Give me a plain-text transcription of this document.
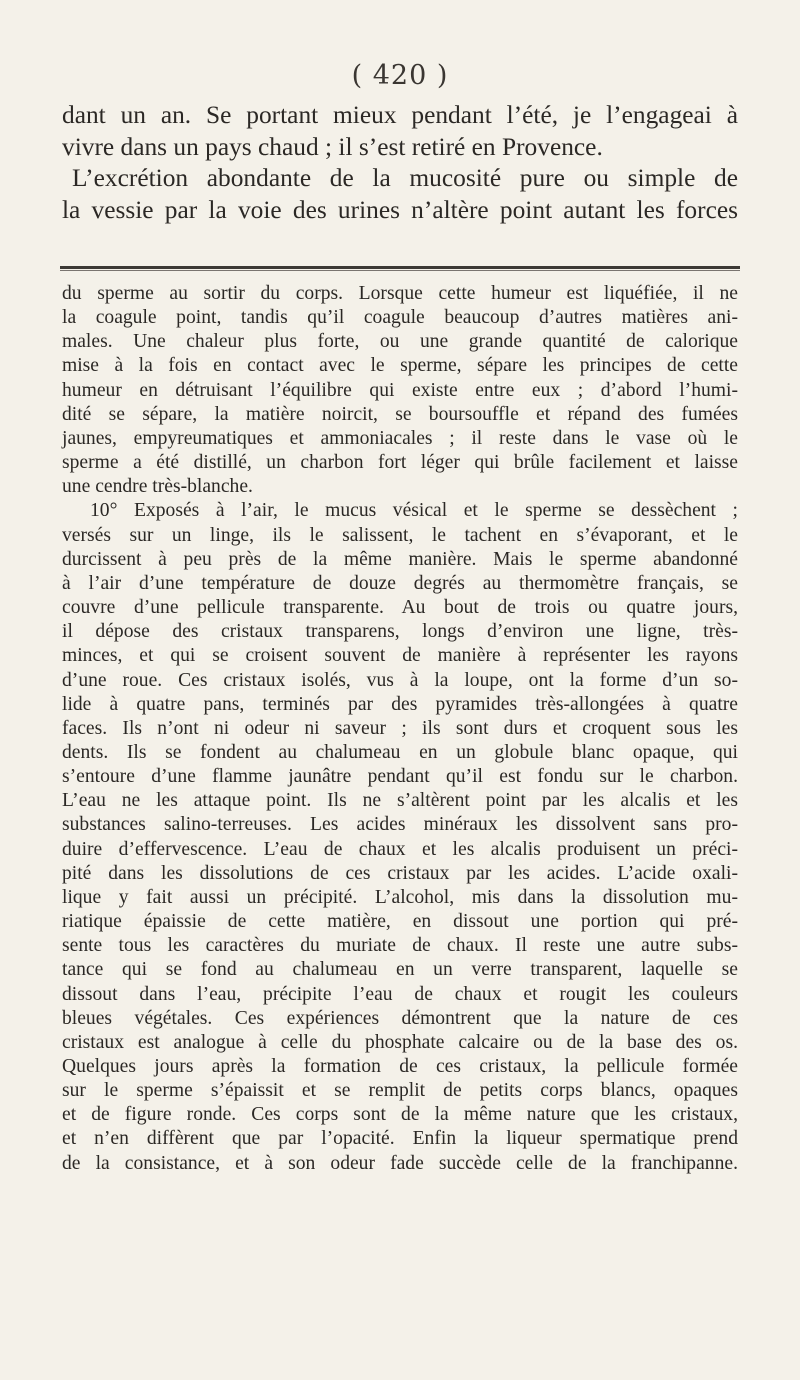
( 420 )
dant un an. Se portant mieux pendant l’été, je l’engageai à
vivre dans un pays chaud ; il s’est retiré en Provence.
L’excrétion abondante de la mucosité pure ou simple de
la vessie par la voie des urines n’altère point autant les forces
du sperme au sortir du corps. Lorsque cette humeur est liquéfiée, il ne
la coagule point, tandis qu’il coagule beaucoup d’autres matières ani-
males. Une chaleur plus forte, ou une grande quantité de calorique
mise à la fois en contact avec le sperme, sépare les principes de cette
humeur en détruisant l’équilibre qui existe entre eux ; d’abord l’humi-
dité se sépare, la matière noircit, se boursouffle et répand des fumées
jaunes, empyreumatiques et ammoniacales ; il reste dans le vase où le
sperme a été distillé, un charbon fort léger qui brûle facilement et laisse
une cendre très-blanche.
10° Exposés à l’air, le mucus vésical et le sperme se dessèchent ;
versés sur un linge, ils le salissent, le tachent en s’évaporant, et le
durcissent à peu près de la même manière. Mais le sperme abandonné
à l’air d’une température de douze degrés au thermomètre français, se
couvre d’une pellicule transparente. Au bout de trois ou quatre jours,
il dépose des cristaux transparens, longs d’environ une ligne, très-
minces, et qui se croisent souvent de manière à représenter les rayons
d’une roue. Ces cristaux isolés, vus à la loupe, ont la forme d’un so-
lide à quatre pans, terminés par des pyramides très-allongées à quatre
faces. Ils n’ont ni odeur ni saveur ; ils sont durs et croquent sous les
dents. Ils se fondent au chalumeau en un globule blanc opaque, qui
s’entoure d’une flamme jaunâtre pendant qu’il est fondu sur le charbon.
L’eau ne les attaque point. Ils ne s’altèrent point par les alcalis et les
substances salino-terreuses. Les acides minéraux les dissolvent sans pro-
duire d’effervescence. L’eau de chaux et les alcalis produisent un préci-
pité dans les dissolutions de ces cristaux par les acides. L’acide oxali-
lique y fait aussi un précipité. L’alcohol, mis dans la dissolution mu-
riatique épaissie de cette matière, en dissout une portion qui pré-
sente tous les caractères du muriate de chaux. Il reste une autre subs-
tance qui se fond au chalumeau en un verre transparent, laquelle se
dissout dans l’eau, précipite l’eau de chaux et rougit les couleurs
bleues végétales. Ces expériences démontrent que la nature de ces
cristaux est analogue à celle du phosphate calcaire ou de la base des os.
Quelques jours après la formation de ces cristaux, la pellicule formée
sur le sperme s’épaissit et se remplit de petits corps blancs, opaques
et de figure ronde. Ces corps sont de la même nature que les cristaux,
et n’en diffèrent que par l’opacité. Enfin la liqueur spermatique prend
de la consistance, et à son odeur fade succède celle de la franchipanne.
